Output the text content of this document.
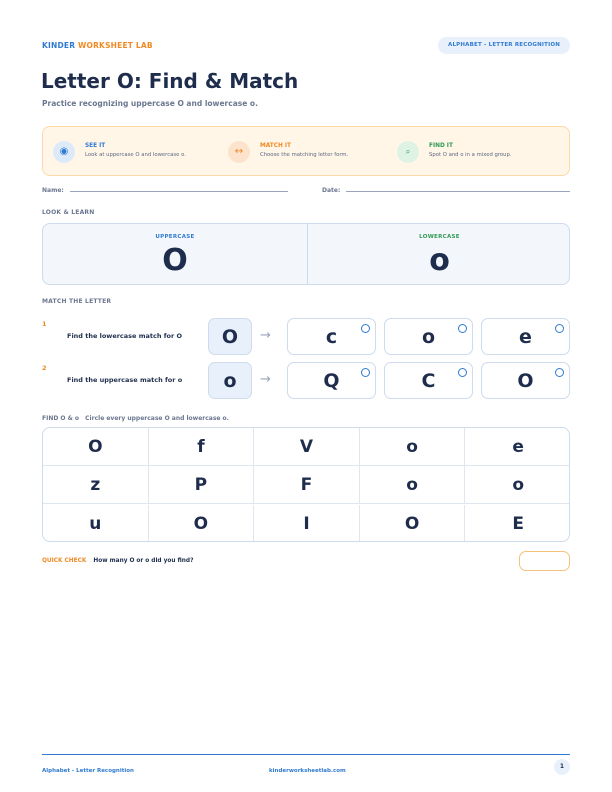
KINDER WORKSHEET LAB	ALPHABET - LETTER RECOGNITION
Letter O: Find & Match
Practice recognizing uppercase O and lowercase o.
◉	SEE IT
Look at uppercase O and lowercase o.	↔	MATCH IT
Choose the matching letter form.	⌕
FIND IT
Spot O and o in a mixed group.
Name:	Date:
LOOK & LEARN
UPPERCASE
O
LOWERCASE
o
MATCH THE LETTER
1
Find the lowercase match for O	O	→	c	o	e
2
Find the uppercase match for o	o	→	Q	C	O
FIND O & o Circle every uppercase O and lowercase o.
O	f	V	o	e
z	P	F	o	o
u	O	I	O	E
QUICK CHECK How many O or o did you find?
Alphabet - Letter Recognition	kinderworksheetlab.com
1
